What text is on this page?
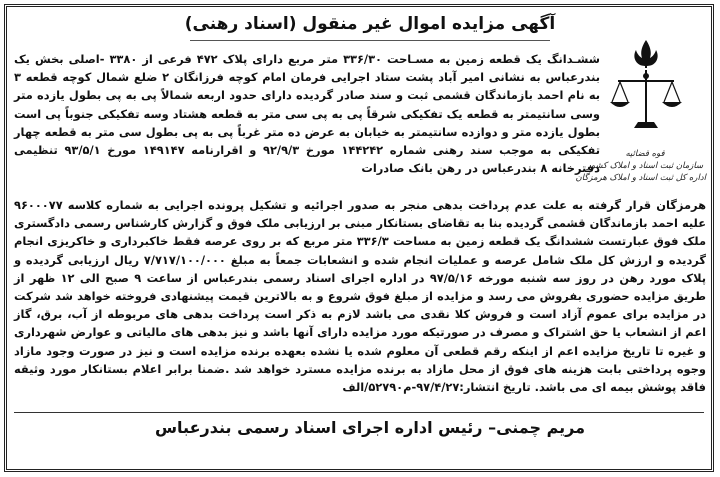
آگهی مزایده اموال غیر منقول (اسناد رهنی)
قوه قضائیه
سازمان ثبت اسناد و املاک کشور
اداره کل ثبت اسناد و املاک هرمزگان
ششـدانگ یک قطعه زمین به مسـاحت ۳۳۶/۳۰ متر مربع دارای پلاک ۴۷۲ فرعی از ۳۳۸۰ -اصلی بخش یک بندرعباس به نشانی امیر آباد پشت ستاد اجرایی فرمان امام کوچه فرزانگان ۲ ضلع شمال کوچه قطعه ۳ به نام احمد بازماندگان قشمی ثبت و سند صادر گردیده دارای حدود اربعه شمالاً پی به پی بطول یازده متر وسی سانتیمتر به قطعه یک تفکیکی شرقاً پی به پی سی متر به قطعه هشتاد وسه تفکیکی جنوباً پی است بطول یازده متر و دوازده سانتیمتر به خیابان به عرض ده متر غرباً پی به پی بطول سی متر به قطعه چهار تفکیکی به موجب سند رهنی شماره ۱۴۴۲۴۲ مورخ ۹۲/۹/۳ و اقرارنامه ۱۴۹۱۴۷ مورخ ۹۳/۵/۱ تنظیمی دفترخانه ۸ بندرعباس در رهن بانک صادرات
هرمزگان قرار گرفته به علت عدم پرداخت بدهی منجر به صدور اجرائیه و تشکیل پرونده اجرایی به شماره کلاسه ۹۶۰۰۰۷۷ علیه احمد بازماندگان قشمی گردیده بنا به تقاضای بستانکار مبنی بر ارزیابی ملک فوق و گزارش کارشناس رسمی دادگستری ملک فوق عبارتست ششدانگ یک قطعه زمین به مساحت ۳۳۶/۳ متر مربع که بر روی عرصه فقط خاکبرداری و خاکریزی انجام گردیده و ارزش کل ملک شامل عرصه و عملیات انجام شده و انشعابات جمعاً به مبلغ ۷/۷۱۷/۱۰۰/۰۰۰ ریال ارزیابی گردیده و پلاک مورد رهن در روز سه شنبه مورخه ۹۷/۵/۱۶ در اداره اجرای اسناد رسمی بندرعباس از ساعت ۹ صبح الی ۱۲ ظهر از طریق مزایده حضوری بفروش می رسد و مزایده از مبلغ فوق شروع و به بالاترین قیمت پیشنهادی فروخته خواهد شد شرکت در مزایده برای عموم آزاد است و فروش کلا نقدی می باشد لازم به ذکر است پرداخت بدهی های مربوطه از آب، برق، گاز اعم از انشعاب یا حق اشتراک و مصرف در صورتیکه مورد مزایده دارای آنها باشد و نیز بدهی های مالیاتی و عوارض شهرداری و غیره تا تاریخ مزایده اعم از اینکه رقم قطعی آن معلوم شده یا نشده بعهده برنده مزایده است و نیز در صورت وجود مازاد وجوه پرداختی بابت هزینه های فوق از محل مازاد به برنده مزایده مسترد خواهد شد .ضمنا برابر اعلام بستانکار مورد وثیقه فاقد پوشش بیمه ای می باشد. تاریخ انتشار:۹۷/۴/۲۷-م۵۲۷۹۰/الف
مریم چمنی– رئیس اداره اجرای اسناد رسمی بندرعباس
